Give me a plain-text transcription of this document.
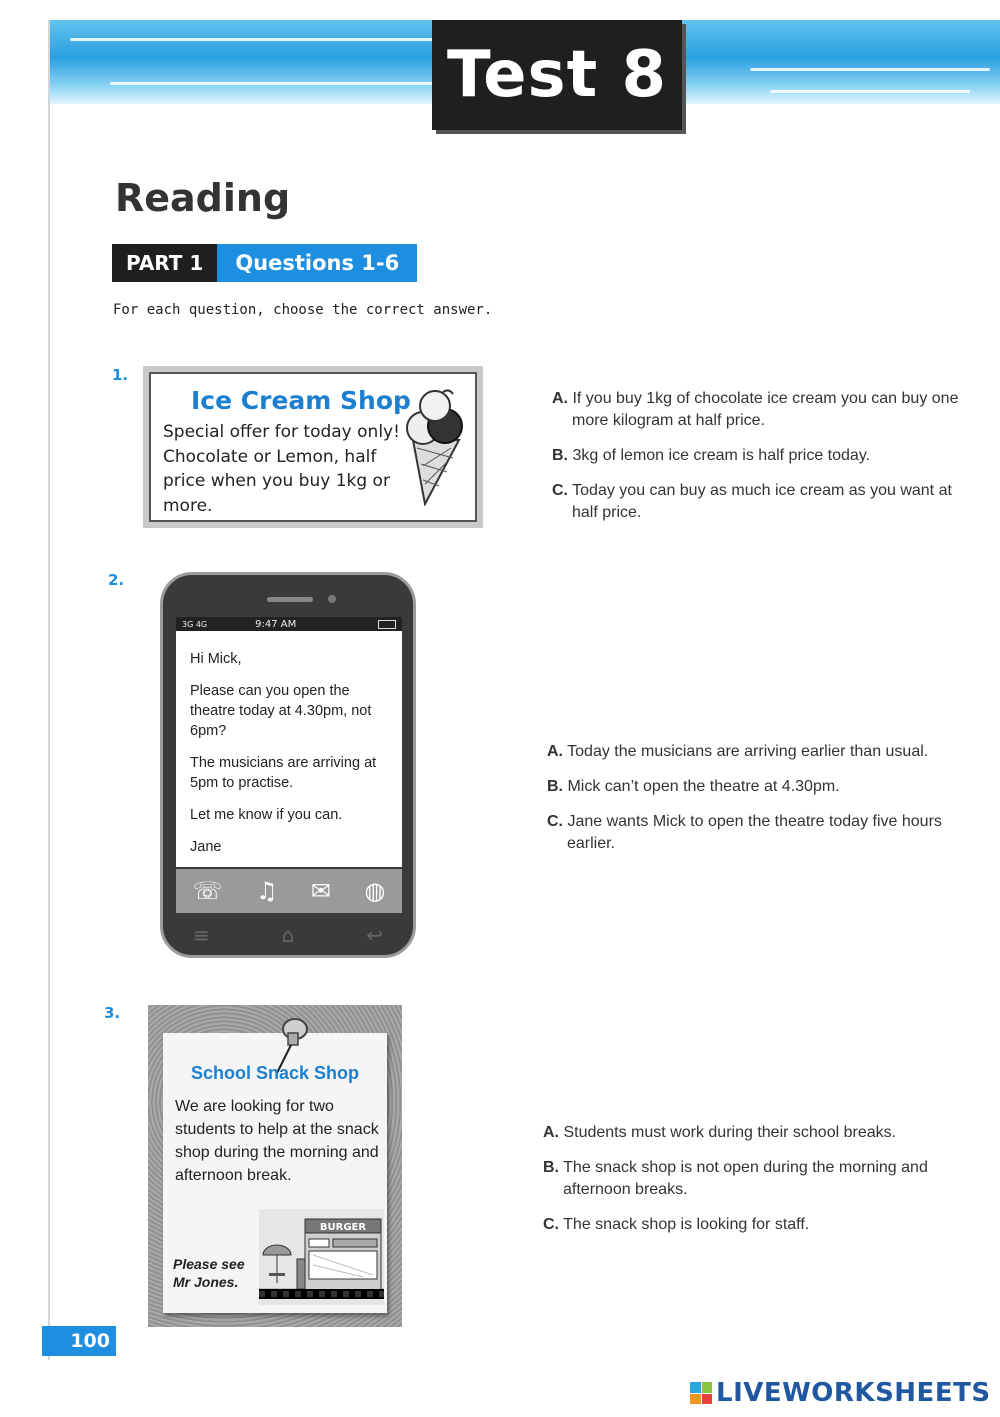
Test 8
Reading
PART 1	Questions 1-6
For each question, choose the correct answer.
1.
Ice Cream Shop
Special offer for today only! Chocolate or Lemon, half price when you buy 1kg or more.
A. If you buy 1kg of chocolate ice cream you can buy one more kilogram at half price.
B. 3kg of lemon ice cream is half price today.
C. Today you can buy as much ice cream as you want at half price.
2.
3G 4G	9:47 AM

Hi Mick,

Please can you open the theatre today at 4.30pm, not 6pm?

The musicians are arriving at 5pm to practise.

Let me know if you can.

Jane

☏ ♫ ✉ ◍
≡	⌂	↩
A. Today the musicians are arriving earlier than usual.
B. Mick can’t open the theatre at 4.30pm.
C. Jane wants Mick to open the theatre today five hours earlier.
3.
School Snack Shop
We are looking for two students to help at the snack shop during the morning and afternoon break.
Please see Mr Jones.
BURGER
A. Students must work during their school breaks.
B. The snack shop is not open during the morning and afternoon breaks.
C. The snack shop is looking for staff.
100
LIVEWORKSHEETS
